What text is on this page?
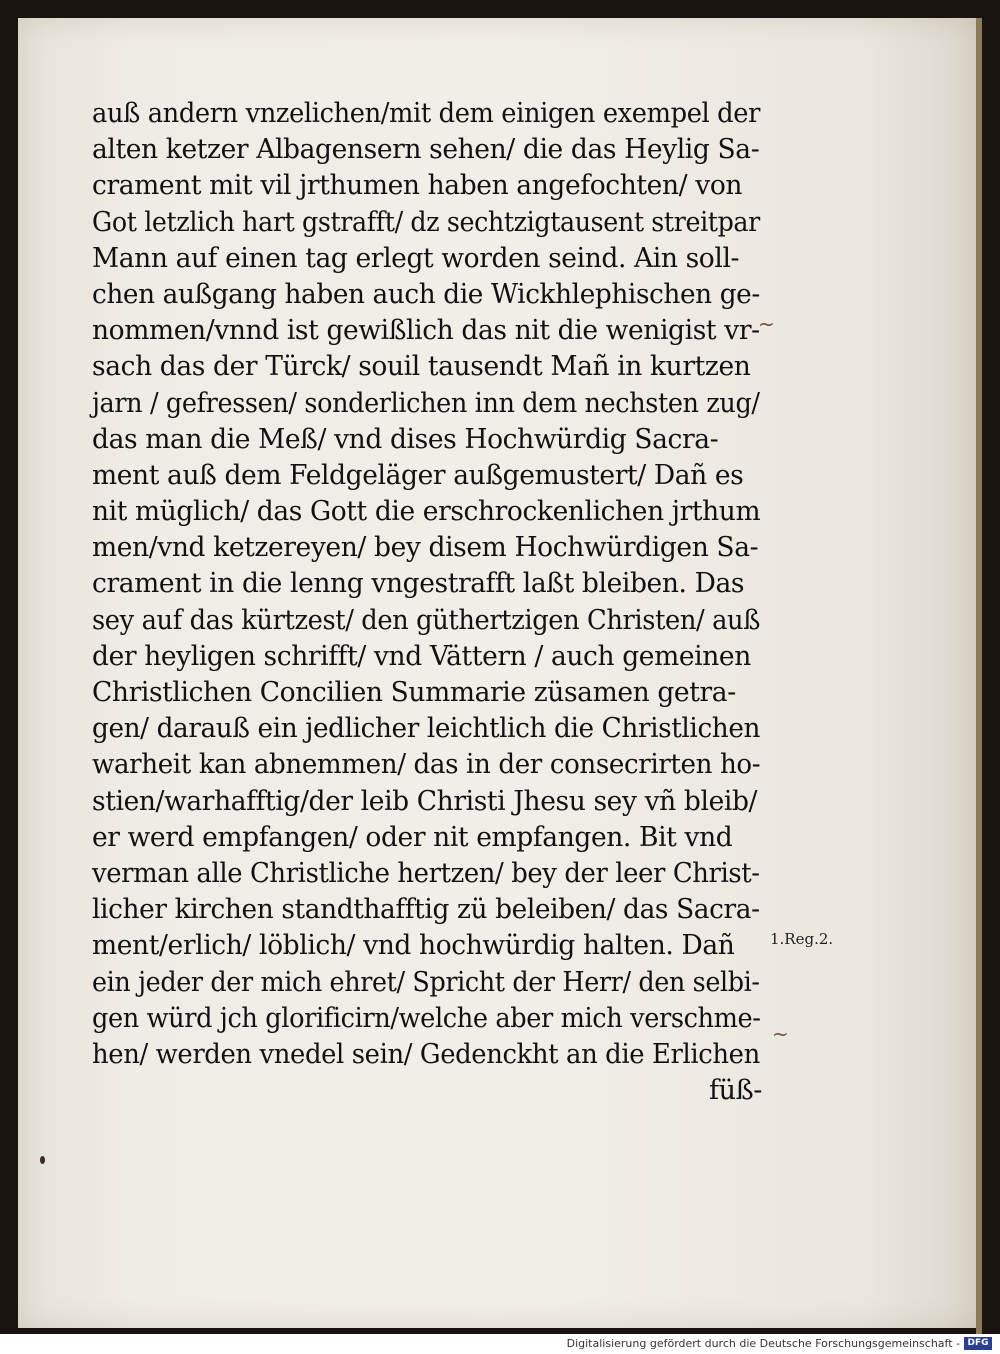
auß andern vnzelichen/mit dem einigen exempel der
alten ketzer Albagensern sehen/ die das Heylig Sa-
crament mit vil jrthumen haben angefochten/ von
Got letzlich hart gstrafft/ dz sechtzigtausent streitpar
Mann auf einen tag erlegt worden seind. Ain soll-
chen außgang haben auch die Wickhlephischen ge-
nommen/vnnd ist gewißlich das nit die wenigist vr-
sach das der Türck/ souil tausendt Mañ in kurtzen
jarn / gefressen/ sonderlichen inn dem nechsten zug/
das man die Meß/ vnd dises Hochwürdig Sacra-
ment auß dem Feldgeläger außgemustert/ Dañ es
nit müglich/ das Gott die erschrockenlichen jrthum
men/vnd ketzereyen/ bey disem Hochwürdigen Sa-
crament in die lenng vngestrafft laßt bleiben. Das
sey auf das kürtzest/ den güthertzigen Christen/ auß
der heyligen schrifft/ vnd Vättern / auch gemeinen
Christlichen Concilien Summarie züsamen getra-
gen/ darauß ein jedlicher leichtlich die Christlichen
warheit kan abnemmen/ das in der consecrirten ho-
stien/warhafftig/der leib Christi Jhesu sey vñ bleib/
er werd empfangen/ oder nit empfangen. Bit vnd
verman alle Christliche hertzen/ bey der leer Christ-
licher kirchen standthafftig zü beleiben/ das Sacra-
ment/erlich/ löblich/ vnd hochwürdig halten. Dañ
ein jeder der mich ehret/ Spricht der Herr/ den selbi-
gen würd jch glorificirn/welche aber mich verschme-
hen/ werden vnedel sein/ Gedenckht an die Erlichen
füß-
1.Reg.2.
~
~
Digitalisierung gefördert durch die Deutsche Forschungsgemeinschaft - DFG
